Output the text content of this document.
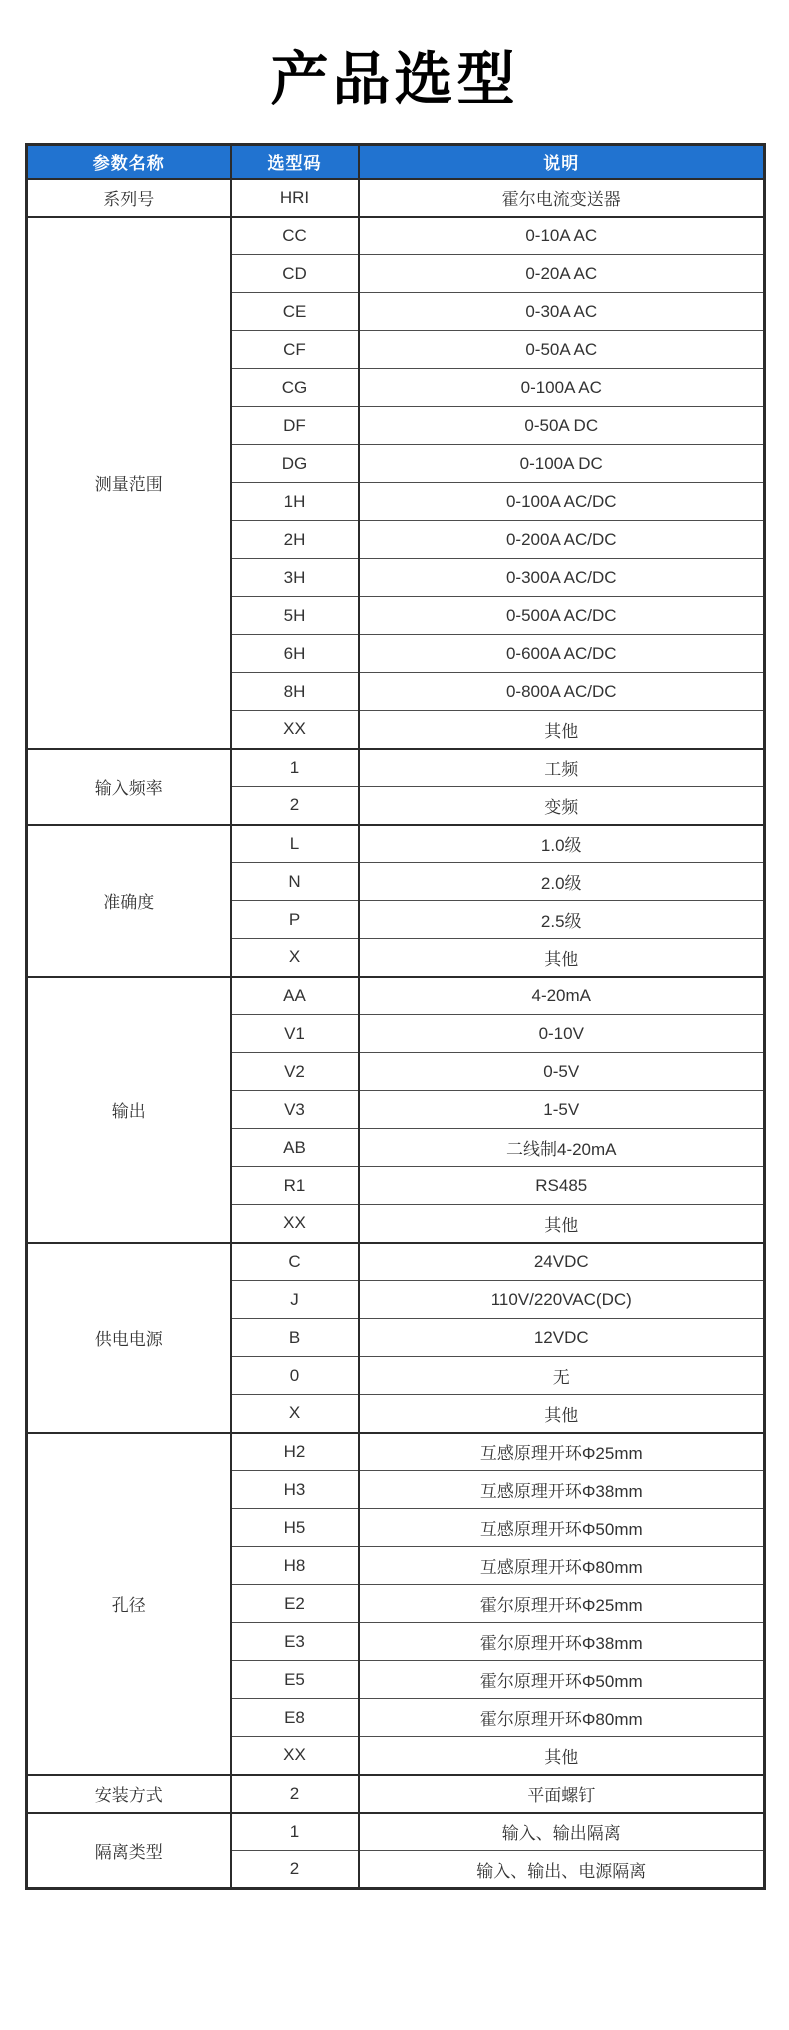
产品选型
参数名称	选型码	说明
系列号	HRI	霍尔电流变送器
测量范围	CC	0-10A AC
	CD	0-20A AC
	CE	0-30A AC
	CF	0-50A AC
	CG	0-100A AC
	DF	0-50A DC
	DG	0-100A DC
	1H	0-100A AC/DC
	2H	0-200A AC/DC
	3H	0-300A AC/DC
	5H	0-500A AC/DC
	6H	0-600A AC/DC
	8H	0-800A AC/DC
	XX	其他
输入频率	1	工频
	2	变频
准确度	L	1.0级
	N	2.0级
	P	2.5级
	X	其他
输出	AA	4-20mA
	V1	0-10V
	V2	0-5V
	V3	1-5V
	AB	二线制4-20mA
	R1	RS485
	XX	其他
供电电源	C	24VDC
	J	110V/220VAC(DC)
	B	12VDC
	0	无
	X	其他
孔径	H2	互感原理开环Φ25mm
	H3	互感原理开环Φ38mm
	H5	互感原理开环Φ50mm
	H8	互感原理开环Φ80mm
	E2	霍尔原理开环Φ25mm
	E3	霍尔原理开环Φ38mm
	E5	霍尔原理开环Φ50mm
	E8	霍尔原理开环Φ80mm
	XX	其他
安装方式	2	平面螺钉
隔离类型	1	输入、输出隔离
	2	输入、输出、电源隔离
